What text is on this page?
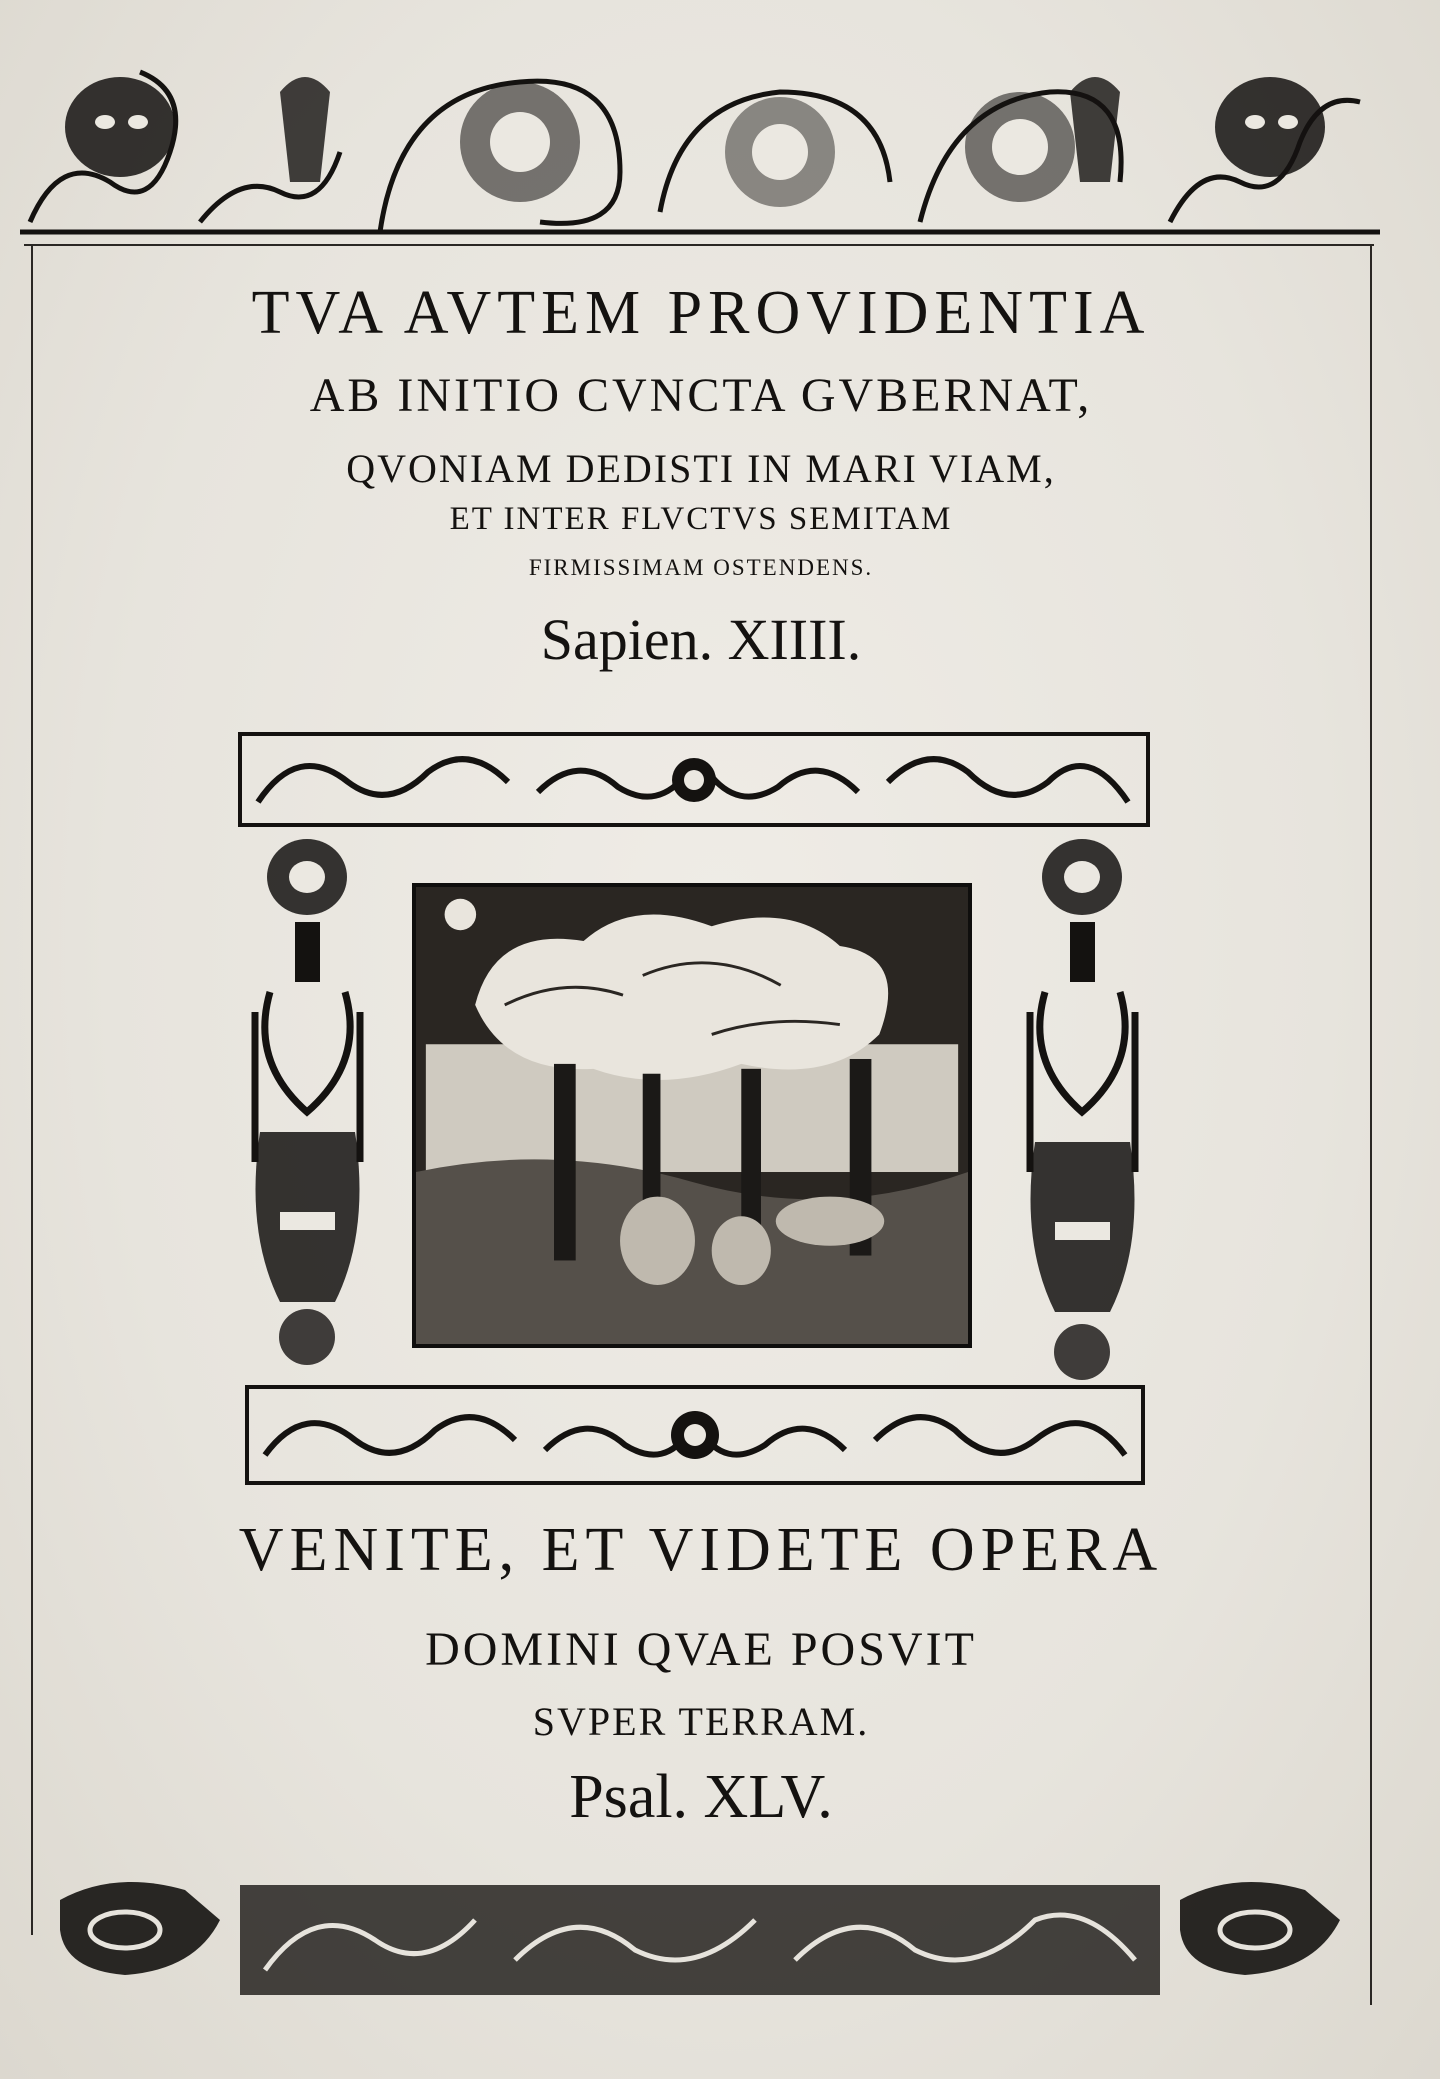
TVA AVTEM PROVIDENTIA
AB INITIO CVNCTA GVBERNAT,
QVONIAM DEDISTI IN MARI VIAM,
ET INTER FLVCTVS SEMITAM
FIRMISSIMAM OSTENDENS.
Sapien. XIIII.
VENITE, ET VIDETE OPERA
DOMINI QVAE POSVIT
SVPER TERRAM.
Psal. XLV.
